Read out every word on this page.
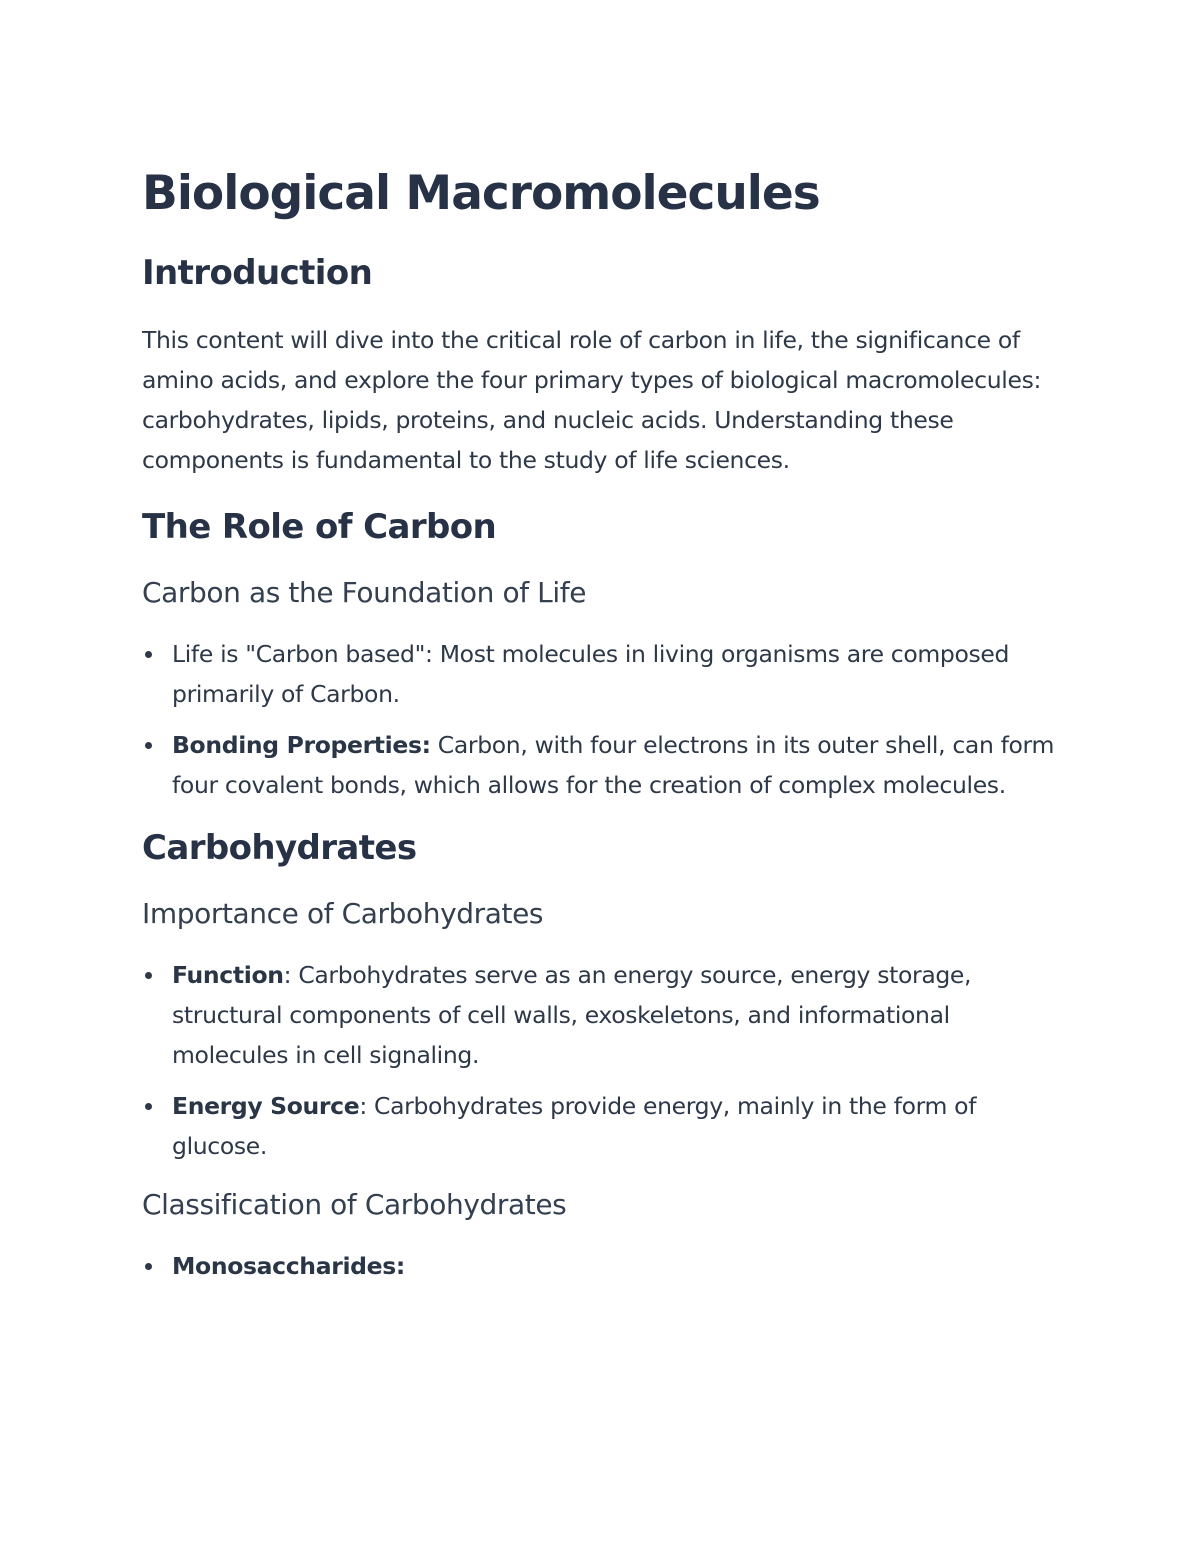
Biological Macromolecules
Introduction

This content will dive into the critical role of carbon in life, the significance of amino acids, and explore the four primary types of biological macromolecules: carbohydrates, lipids, proteins, and nucleic acids. Understanding these components is fundamental to the study of life sciences.

The Role of Carbon
Carbon as the Foundation of Life
Life is "Carbon based": Most molecules in living organisms are composed primarily of Carbon.
Bonding Properties: Carbon, with four electrons in its outer shell, can form four covalent bonds, which allows for the creation of complex molecules.
Carbohydrates
Importance of Carbohydrates
Function: Carbohydrates serve as an energy source, energy storage, structural components of cell walls, exoskeletons, and informational molecules in cell signaling.
Energy Source: Carbohydrates provide energy, mainly in the form of glucose.
Classification of Carbohydrates
Monosaccharides:
